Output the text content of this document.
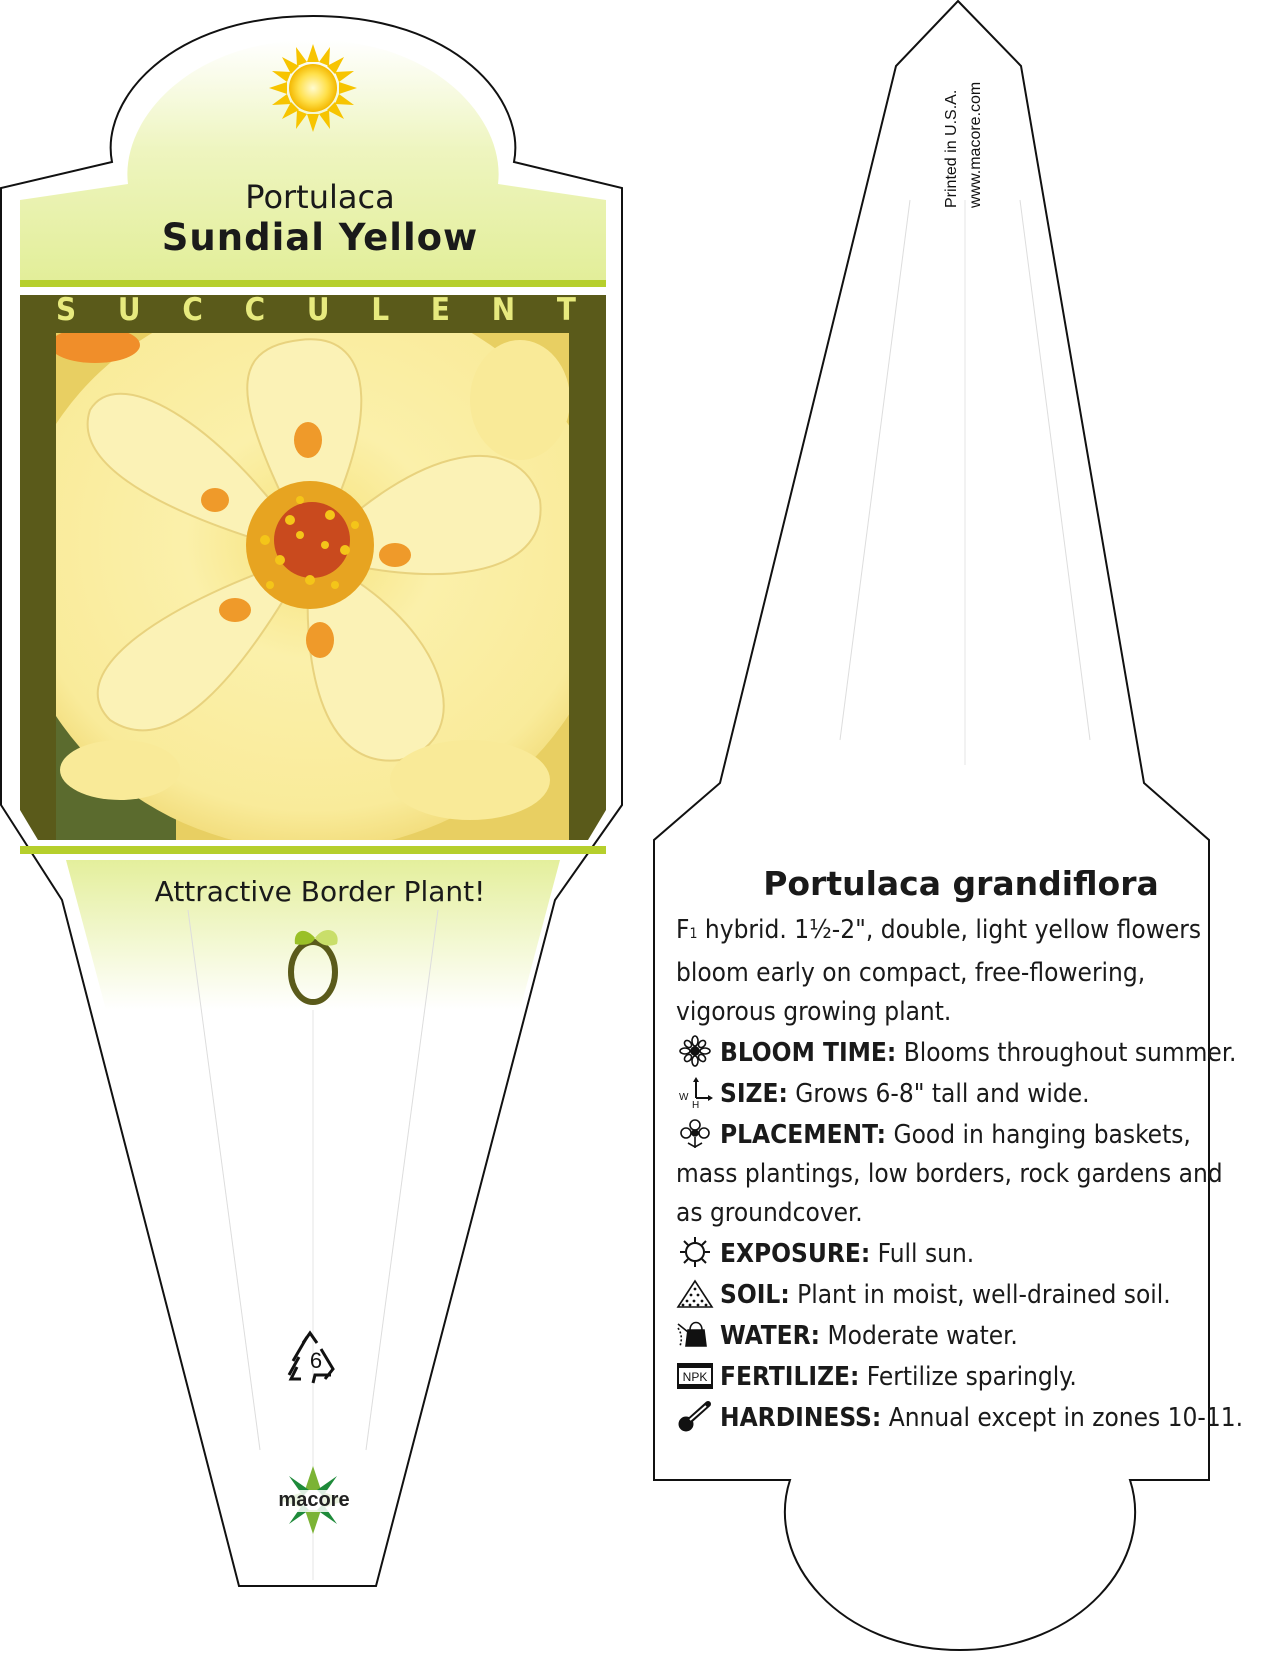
Portulaca
Sundial Yellow
S U C C U L E N T
Attractive Border Plant!
6
macore
Printed in U.S.A. www.macore.com
Portulaca grandiflora

F1 hybrid. 1½-2", double, light yellow flowers bloom early on compact, free-flowering, vigorous growing plant.

BLOOM TIME: Blooms throughout summer.

W
H SIZE: Grows 6-8" tall and wide.

PLACEMENT: Good in hanging baskets, mass plantings, low borders, rock gardens and as groundcover.

EXPOSURE: Full sun.

SOIL: Plant in moist, well-drained soil.

WATER: Moderate water.

NPK FERTILIZE: Fertilize sparingly.

HARDINESS: Annual except in zones 10-11.
